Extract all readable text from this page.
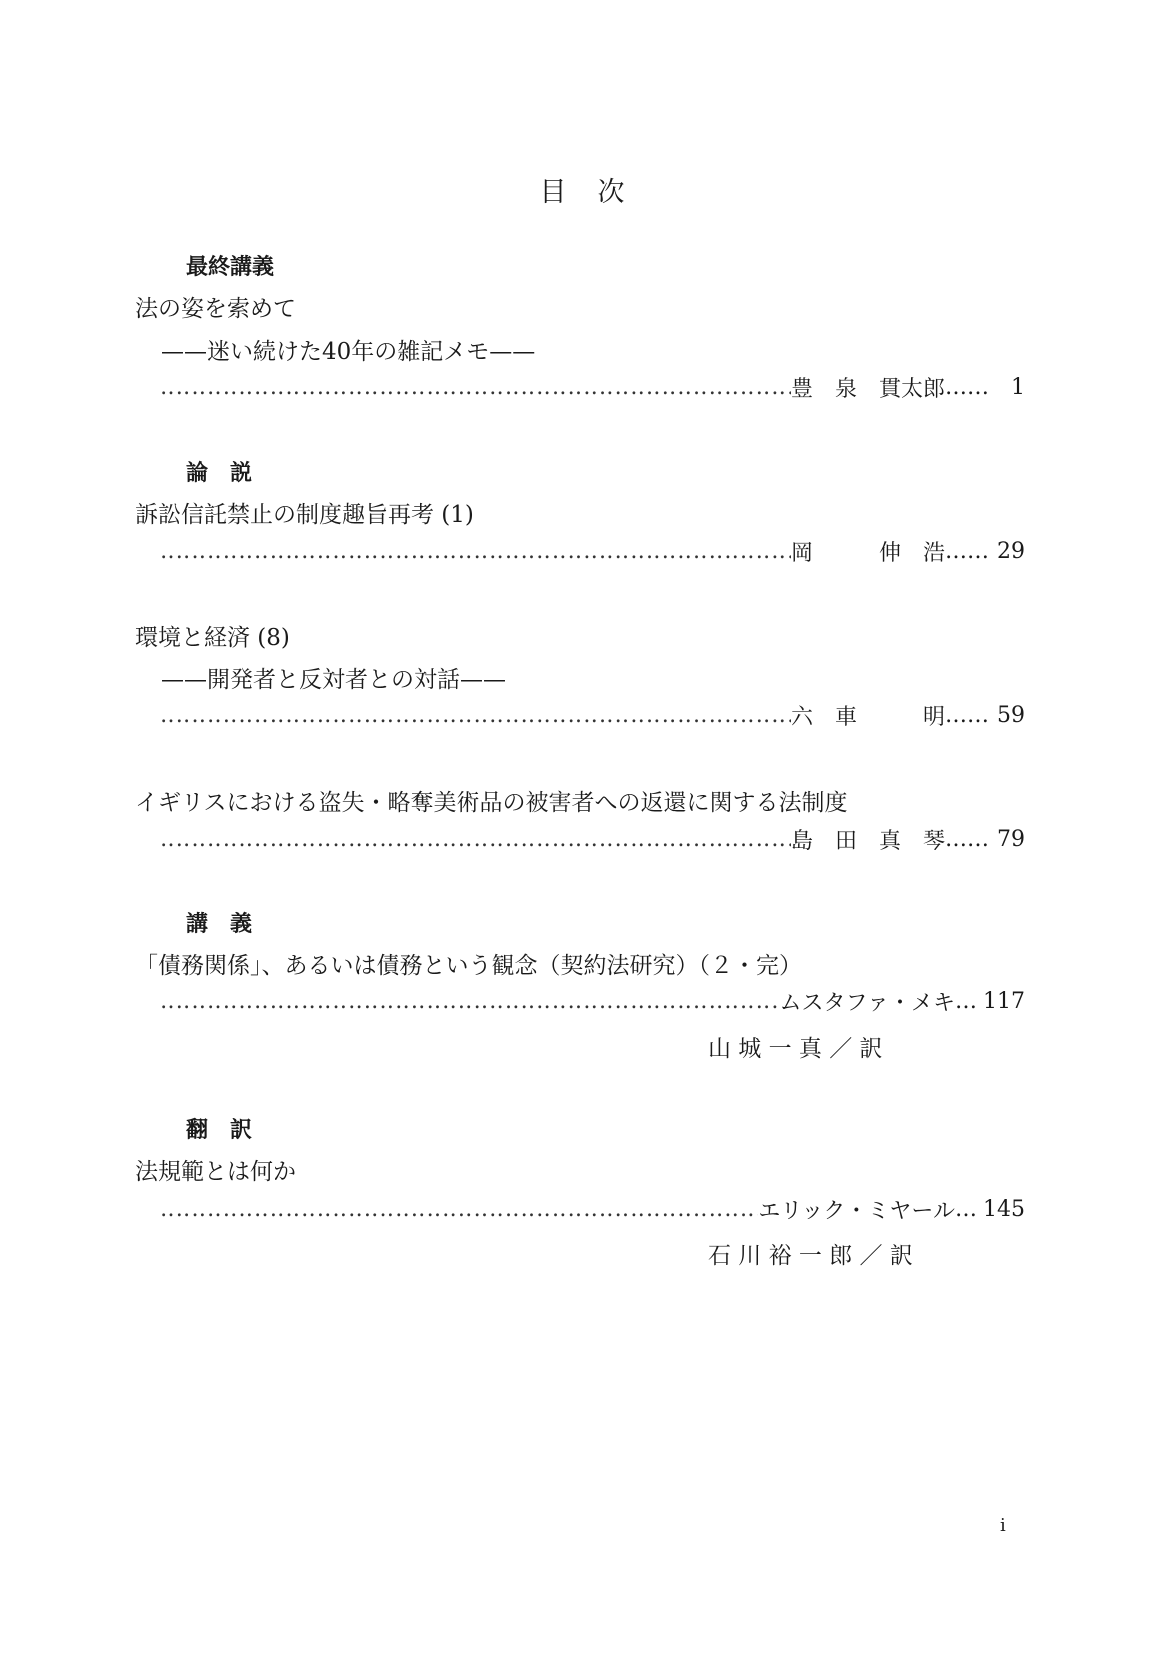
目　次
最終講義
法の姿を索めて
——迷い続けた40年の雑記メモ——
‥‥‥‥‥‥‥‥‥‥‥‥‥‥‥‥‥‥‥‥‥‥‥‥‥‥‥‥‥‥‥‥‥‥‥‥‥‥‥‥‥‥‥‥‥‥‥‥‥‥‥‥‥‥‥‥‥‥‥‥‥‥‥‥‥‥‥‥‥‥‥‥‥‥‥‥‥‥
豊　泉　貫太郎 ……	1
論　説
訴訟信託禁止の制度趣旨再考 (1)
‥‥‥‥‥‥‥‥‥‥‥‥‥‥‥‥‥‥‥‥‥‥‥‥‥‥‥‥‥‥‥‥‥‥‥‥‥‥‥‥‥‥‥‥‥‥‥‥‥‥‥‥‥‥‥‥‥‥‥‥‥‥‥‥‥‥‥‥‥‥‥‥‥‥‥‥‥‥
岡　　　伸　浩 …… 29
環境と経済 (8)
——開発者と反対者との対話——
‥‥‥‥‥‥‥‥‥‥‥‥‥‥‥‥‥‥‥‥‥‥‥‥‥‥‥‥‥‥‥‥‥‥‥‥‥‥‥‥‥‥‥‥‥‥‥‥‥‥‥‥‥‥‥‥‥‥‥‥‥‥‥‥‥‥‥‥‥‥‥‥‥‥‥‥‥‥
六　車　　　明 …… 59
イギリスにおける盗失・略奪美術品の被害者への返還に関する法制度
‥‥‥‥‥‥‥‥‥‥‥‥‥‥‥‥‥‥‥‥‥‥‥‥‥‥‥‥‥‥‥‥‥‥‥‥‥‥‥‥‥‥‥‥‥‥‥‥‥‥‥‥‥‥‥‥‥‥‥‥‥‥‥‥‥‥‥‥‥‥‥‥‥‥‥‥‥‥
島　田　真　琴 …… 79
講　義
「債務関係」、あるいは債務という観念（契約法研究）（２・完）
‥‥‥‥‥‥‥‥‥‥‥‥‥‥‥‥‥‥‥‥‥‥‥‥‥‥‥‥‥‥‥‥‥‥‥‥‥‥‥‥‥‥‥‥‥‥‥‥‥‥‥‥‥‥‥‥‥‥‥‥‥‥‥‥‥‥‥‥‥‥‥‥‥‥‥‥‥‥
ムスタファ・メキ … 117
山 城 一 真 ／ 訳
翻　訳
法規範とは何か
‥‥‥‥‥‥‥‥‥‥‥‥‥‥‥‥‥‥‥‥‥‥‥‥‥‥‥‥‥‥‥‥‥‥‥‥‥‥‥‥‥‥‥‥‥‥‥‥‥‥‥‥‥‥‥‥‥‥‥‥‥‥‥‥‥‥‥‥‥‥‥‥‥‥‥‥‥‥
エリック・ミヤール … 145
石 川 裕 一 郎 ／ 訳
i
